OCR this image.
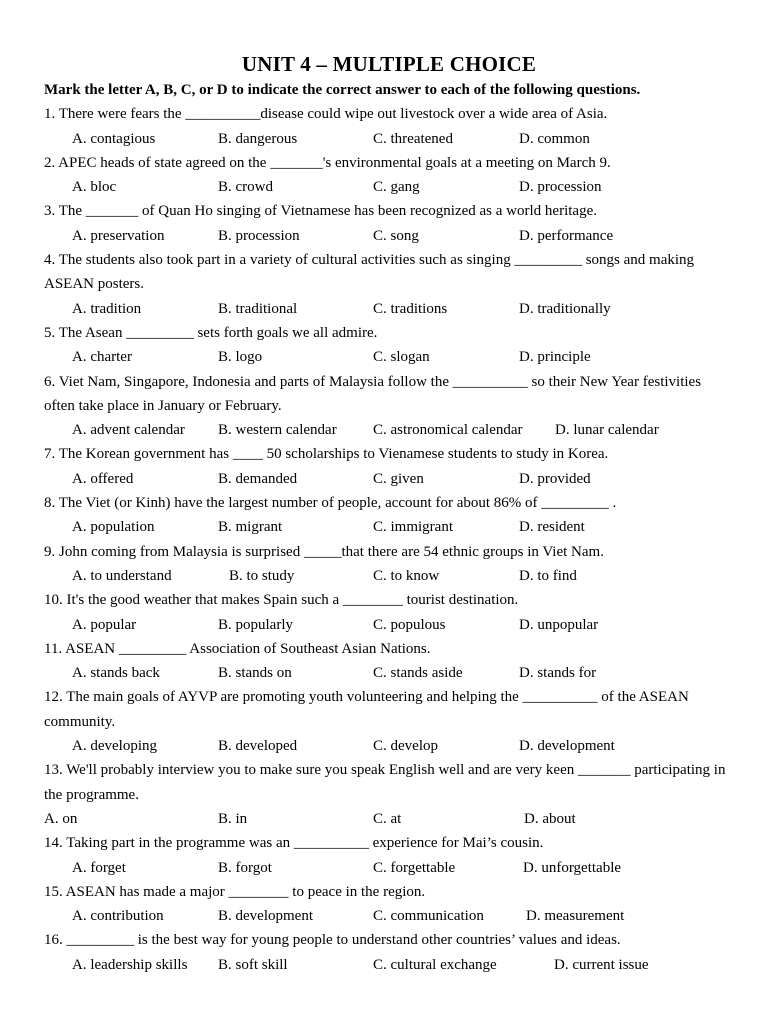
UNIT 4 – MULTIPLE CHOICE

Mark the letter A, B, C, or D to indicate the correct answer to each of the following questions.

1. There were fears the __________disease could wipe out livestock over a wide area of Asia.

A. contagious	B. dangerous	C. threatened	D. common

2. APEC heads of state agreed on the _______'s environmental goals at a meeting on March 9.

A. bloc	B. crowd	C. gang	D. procession

3. The _______ of Quan Ho singing of Vietnamese has been recognized as a world heritage.

A. preservation	B. procession	C. song	D. performance

4. The students also took part in a variety of cultural activities such as singing _________ songs and making ASEAN posters.

A. tradition	B. traditional	C. traditions	D. traditionally

5. The Asean _________ sets forth goals we all admire.

A. charter	B. logo	C. slogan	D. principle

6. Viet Nam, Singapore, Indonesia and parts of Malaysia follow the __________ so their New Year festivities often take place in January or February.

A. advent calendar B. western calendar C. astronomical calendar D. lunar calendar

7. The Korean government has ____ 50 scholarships to Vienamese students to study in Korea.

A. offered	B. demanded	C. given	D. provided

8. The Viet (or Kinh) have the largest number of people, account for about 86% of _________ .

A. population	B. migrant	C. immigrant	D. resident

9. John coming from Malaysia is surprised _____that there are 54 ethnic groups in Viet Nam.

A. to understand	B. to study	C. to know	D. to find

10. It's the good weather that makes Spain such a ________ tourist destination.

A. popular	B. popularly	C. populous	D. unpopular

11. ASEAN _________ Association of Southeast Asian Nations.

A. stands back	B. stands on	C. stands aside	D. stands for

12. The main goals of AYVP are promoting youth volunteering and helping the __________ of the ASEAN community.

A. developing	B. developed	C. develop	D. development

13. We'll probably interview you to make sure you speak English well and are very keen _______ participating in the programme.

A. on	B. in	C. at	D. about

14. Taking part in the programme was an __________ experience for Mai’s cousin.

A. forget	B. forgot	C. forgettable	D. unforgettable

15. ASEAN has made a major ________ to peace in the region.

A. contribution	B. development	C. communication	D. measurement

16. _________ is the best way for young people to understand other countries’ values and ideas.

A. leadership skills B. soft skill	C. cultural exchange	D. current issue
